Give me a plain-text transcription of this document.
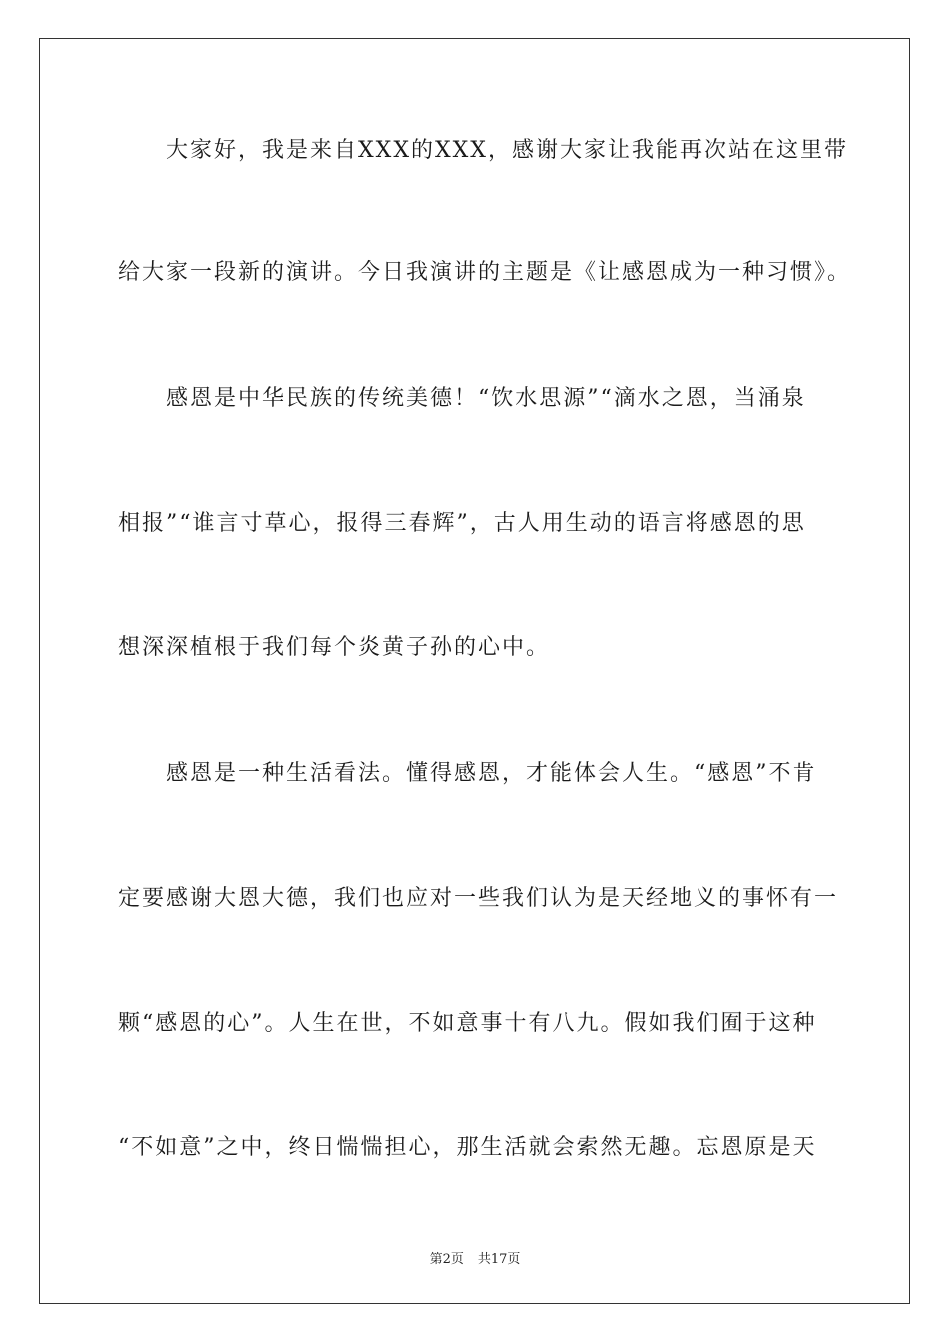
　　大家好，我是来自XXX的XXX，感谢大家让我能再次站在这里带
给大家一段新的演讲。今日我演讲的主题是《让感恩成为一种习惯》。
　　感恩是中华民族的传统美德！“饮水思源”“滴水之恩，当涌泉
相报”“谁言寸草心，报得三春辉”，古人用生动的语言将感恩的思
想深深植根于我们每个炎黄子孙的心中。
　　感恩是一种生活看法。懂得感恩，才能体会人生。“感恩”不肯
定要感谢大恩大德，我们也应对一些我们认为是天经地义的事怀有一
颗“感恩的心”。人生在世，不如意事十有八九。假如我们囿于这种
“不如意”之中，终日惴惴担心，那生活就会索然无趣。忘恩原是天
第2页 共17页
